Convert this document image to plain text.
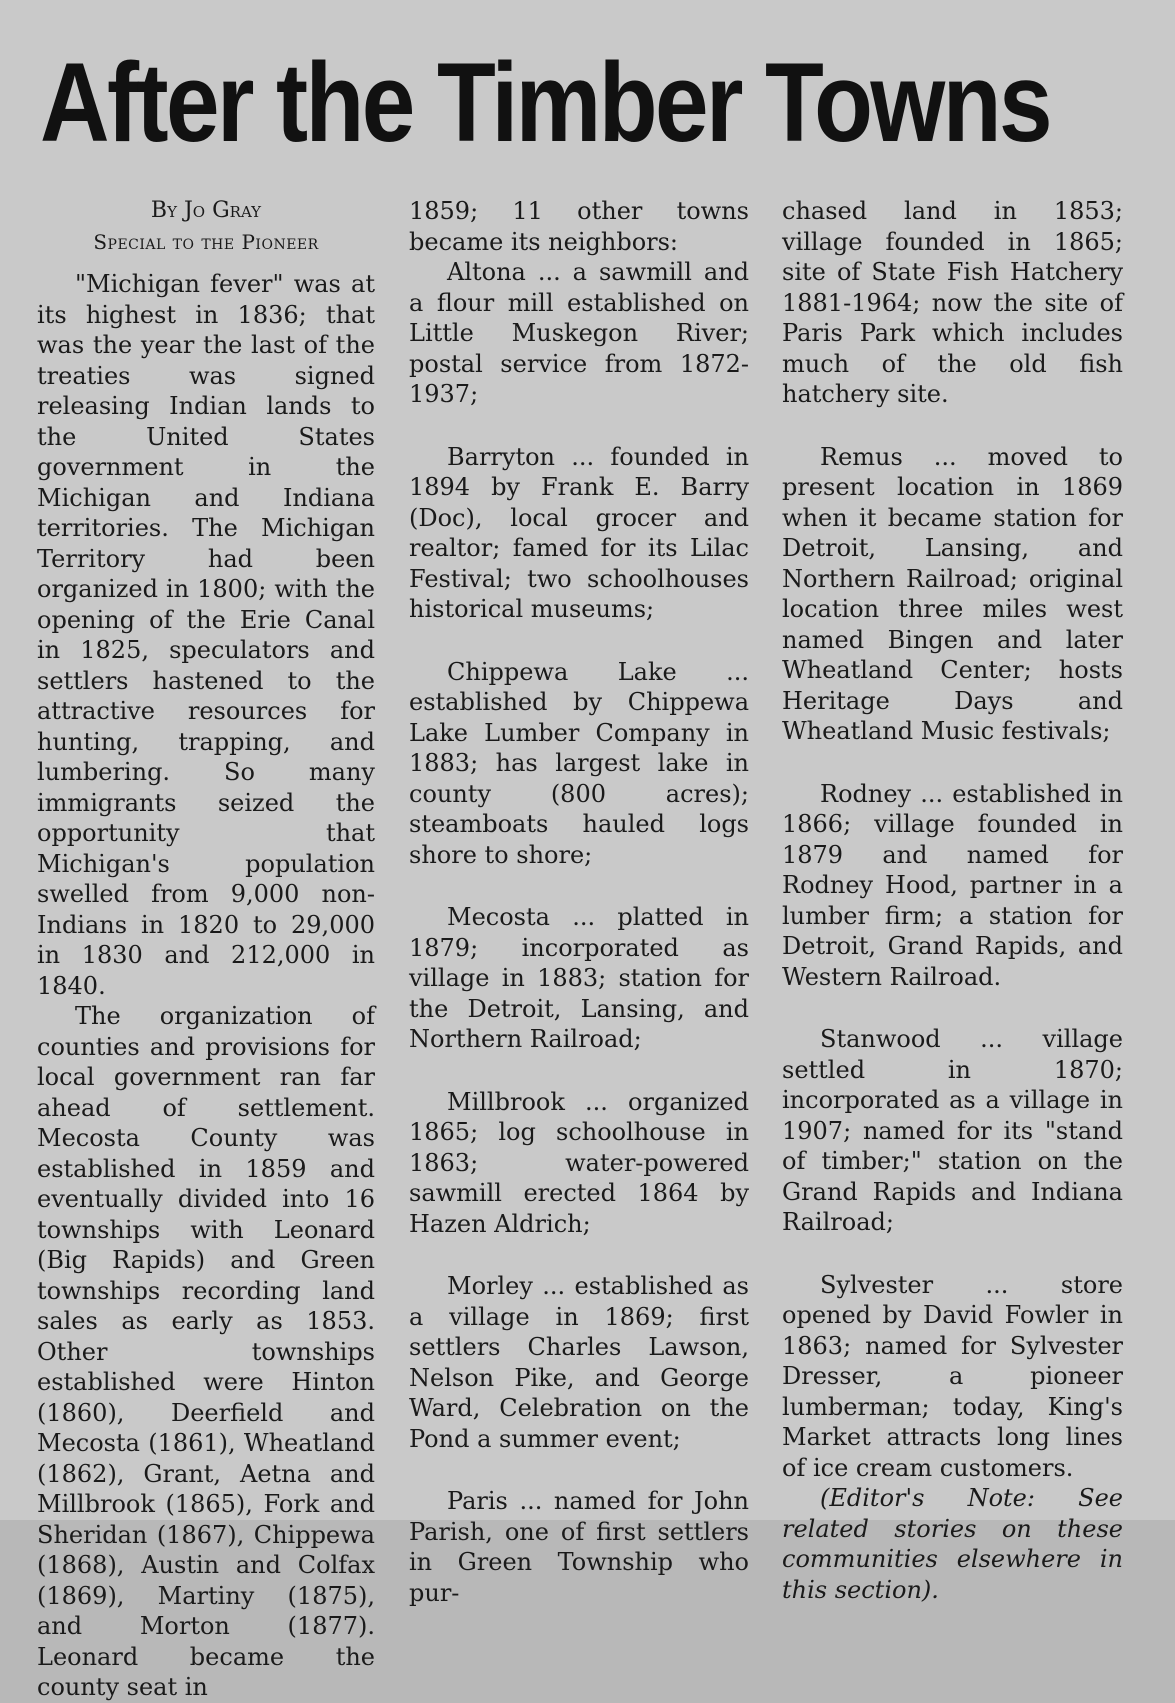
After the Timber Towns

By Jo Gray

Special to the Pioneer

"Michigan fever" was at its highest in 1836; that was the year the last of the treaties was signed releasing Indian lands to the United States government in the Michigan and Indiana territories. The Michigan Territory had been organized in 1800; with the opening of the Erie Canal in 1825, speculators and settlers hastened to the attractive resources for hunting, trapping, and lumbering. So many immigrants seized the opportunity that Michigan's population swelled from 9,000 non-Indians in 1820 to 29,000 in 1830 and 212,000 in 1840.

The organization of counties and provisions for local government ran far ahead of settlement. Mecosta County was established in 1859 and eventually divided into 16 townships with Leonard (Big Rapids) and Green townships recording land sales as early as 1853. Other townships established were Hinton (1860), Deerfield and Mecosta (1861), Wheatland (1862), Grant, Aetna and Millbrook (1865), Fork and Sheridan (1867), Chippewa (1868), Austin and Colfax (1869), Martiny (1875), and Morton (1877). Leonard became the county seat in

1859; 11 other towns became its neighbors:

Altona ... a sawmill and a flour mill established on Little Muskegon River; postal service from 1872-1937;

Barryton ... founded in 1894 by Frank E. Barry (Doc), local grocer and realtor; famed for its Lilac Festival; two schoolhouses historical museums;

Chippewa Lake ... established by Chippewa Lake Lumber Company in 1883; has largest lake in county (800 acres); steamboats hauled logs shore to shore;

Mecosta ... platted in 1879; incorporated as village in 1883; station for the Detroit, Lansing, and Northern Railroad;

Millbrook ... organized 1865; log schoolhouse in 1863; water-powered sawmill erected 1864 by Hazen Aldrich;

Morley ... established as a village in 1869; first settlers Charles Lawson, Nelson Pike, and George Ward, Celebration on the Pond a summer event;

Paris ... named for John Parish, one of first settlers in Green Township who pur-

chased land in 1853; village founded in 1865; site of State Fish Hatchery 1881-1964; now the site of Paris Park which includes much of the old fish hatchery site.

Remus ... moved to present location in 1869 when it became station for Detroit, Lansing, and Northern Railroad; original location three miles west named Bingen and later Wheatland Center; hosts Heritage Days and Wheatland Music festivals;

Rodney ... established in 1866; village founded in 1879 and named for Rodney Hood, partner in a lumber firm; a station for Detroit, Grand Rapids, and Western Railroad.

Stanwood ... village settled in 1870; incorporated as a village in 1907; named for its "stand of timber;" station on the Grand Rapids and Indiana Railroad;

Sylvester ... store opened by David Fowler in 1863; named for Sylvester Dresser, a pioneer lumberman; today, King's Market attracts long lines of ice cream customers.

(Editor's Note: See related stories on these communities elsewhere in this section).
